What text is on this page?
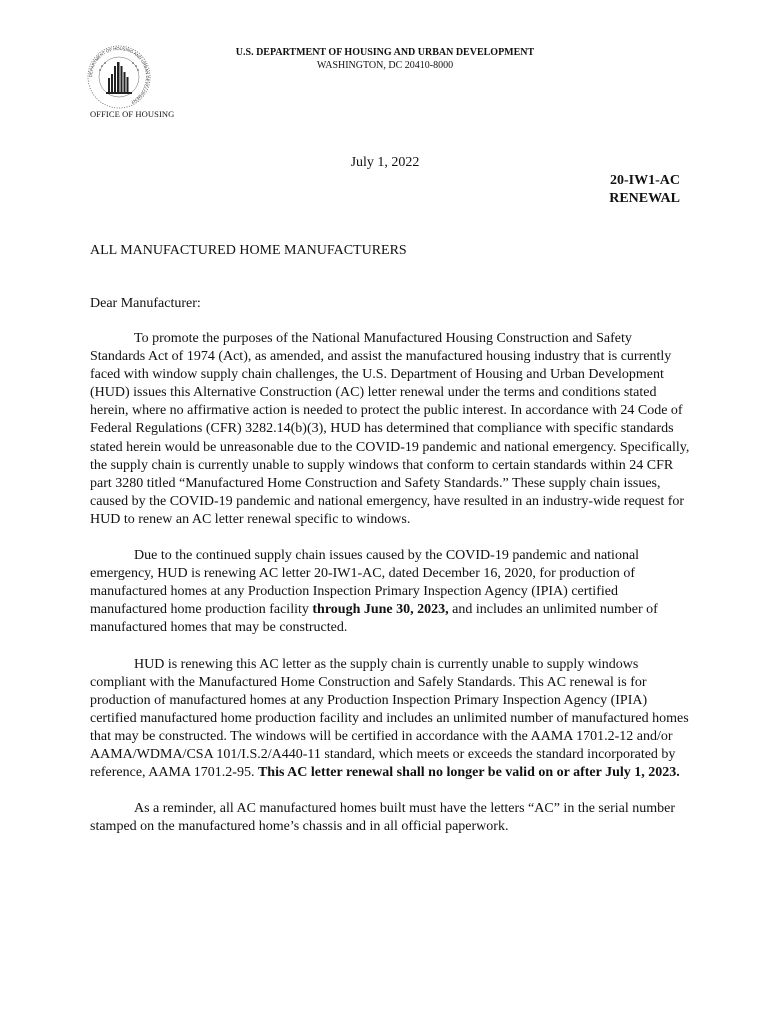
DEPARTMENT OF HOUSING AND URBAN DEVELOPMENT
OFFICE OF HOUSING
U.S. DEPARTMENT OF HOUSING AND URBAN DEVELOPMENT
WASHINGTON, DC 20410-8000
July 1, 2022
20-IW1-AC
RENEWAL
ALL MANUFACTURED HOME MANUFACTURERS
Dear Manufacturer:

To promote the purposes of the National Manufactured Housing Construction and Safety Standards Act of 1974 (Act), as amended, and assist the manufactured housing industry that is currently faced with window supply chain challenges, the U.S. Department of Housing and Urban Development (HUD) issues this Alternative Construction (AC) letter renewal under the terms and conditions stated herein, where no affirmative action is needed to protect the public interest. In accordance with 24 Code of Federal Regulations (CFR) 3282.14(b)(3), HUD has determined that compliance with specific standards stated herein would be unreasonable due to the COVID-19 pandemic and national emergency. Specifically, the supply chain is currently unable to supply windows that conform to certain standards within 24 CFR part 3280 titled “Manufactured Home Construction and Safety Standards.” These supply chain issues, caused by the COVID-19 pandemic and national emergency, have resulted in an industry-wide request for HUD to renew an AC letter renewal specific to windows.

Due to the continued supply chain issues caused by the COVID-19 pandemic and national emergency, HUD is renewing AC letter 20-IW1-AC, dated December 16, 2020, for production of manufactured homes at any Production Inspection Primary Inspection Agency (IPIA) certified manufactured home production facility through June 30, 2023, and includes an unlimited number of manufactured homes that may be constructed.

HUD is renewing this AC letter as the supply chain is currently unable to supply windows compliant with the Manufactured Home Construction and Safely Standards. This AC renewal is for production of manufactured homes at any Production Inspection Primary Inspection Agency (IPIA) certified manufactured home production facility and includes an unlimited number of manufactured homes that may be constructed. The windows will be certified in accordance with the AAMA 1701.2-12 and/or AAMA/WDMA/CSA 101/I.S.2/A440-11 standard, which meets or exceeds the standard incorporated by reference, AAMA 1701.2-95. This AC letter renewal shall no longer be valid on or after July 1, 2023.

As a reminder, all AC manufactured homes built must have the letters “AC” in the serial number stamped on the manufactured home’s chassis and in all official paperwork.
